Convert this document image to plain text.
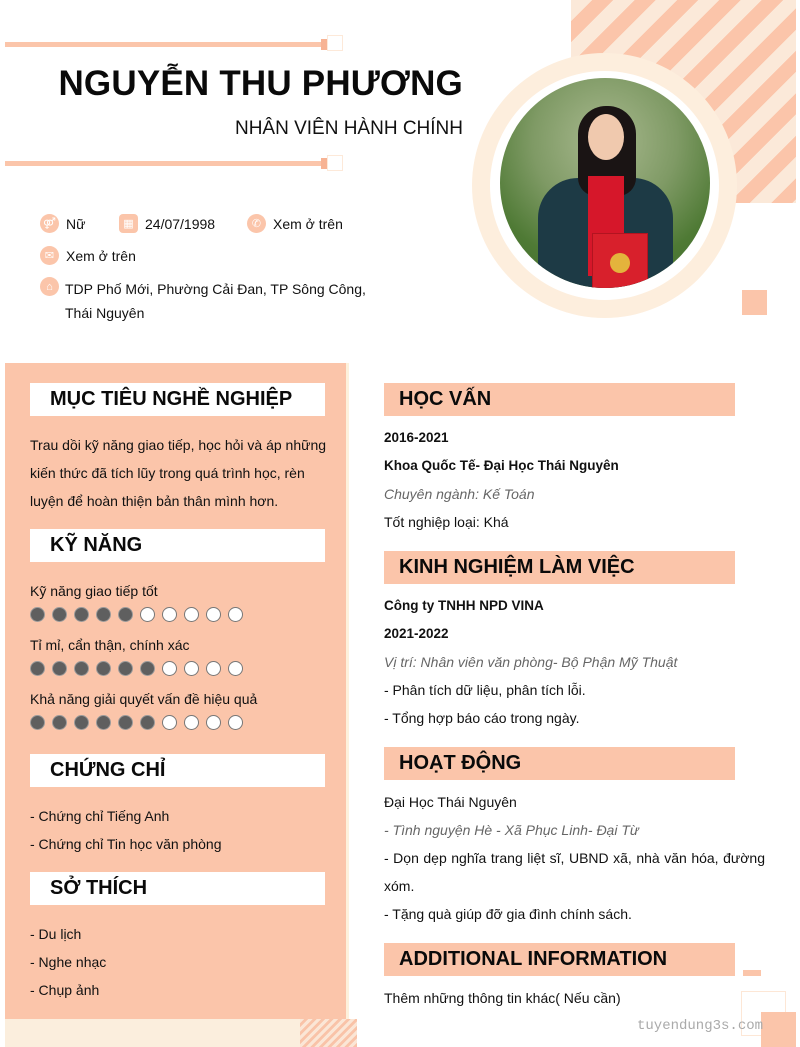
NGUYỄN THU PHƯƠNG
NHÂN VIÊN HÀNH CHÍNH
⚤ Nữ	▦ 24/07/1998	✆ Xem ở trên
✉ Xem ở trên
⌂ TDP Phố Mới, Phường Cải Đan, TP Sông Công, Thái Nguyên
MỤC TIÊU NGHỀ NGHIỆP
Trau dồi kỹ năng giao tiếp, học hỏi và áp những kiến thức đã tích lũy trong quá trình học, rèn luyện để hoàn thiện bản thân mình hơn.
KỸ NĂNG
Kỹ năng giao tiếp tốt
Tỉ mỉ, cẩn thận, chính xác
Khả năng giải quyết vấn đề hiệu quả
CHỨNG CHỈ
- Chứng chỉ Tiếng Anh
- Chứng chỉ Tin học văn phòng
SỞ THÍCH
- Du lịch
- Nghe nhạc
- Chụp ảnh
HỌC VẤN
2016-2021
Khoa Quốc Tế- Đại Học Thái Nguyên
Chuyên ngành: Kế Toán
Tốt nghiệp loại: Khá
KINH NGHIỆM LÀM VIỆC
Công ty TNHH NPD VINA
2021-2022
Vị trí: Nhân viên văn phòng- Bộ Phận Mỹ Thuật
- Phân tích dữ liệu, phân tích lỗi.
- Tổng hợp báo cáo trong ngày.
HOẠT ĐỘNG
Đại Học Thái Nguyên
- Tình nguyện Hè - Xã Phục Linh- Đại Từ
- Dọn dẹp nghĩa trang liệt sĩ, UBND xã, nhà văn hóa, đường xóm.
- Tặng quà giúp đỡ gia đình chính sách.
ADDITIONAL INFORMATION
Thêm những thông tin khác( Nếu cần)
tuyendung3s.com
